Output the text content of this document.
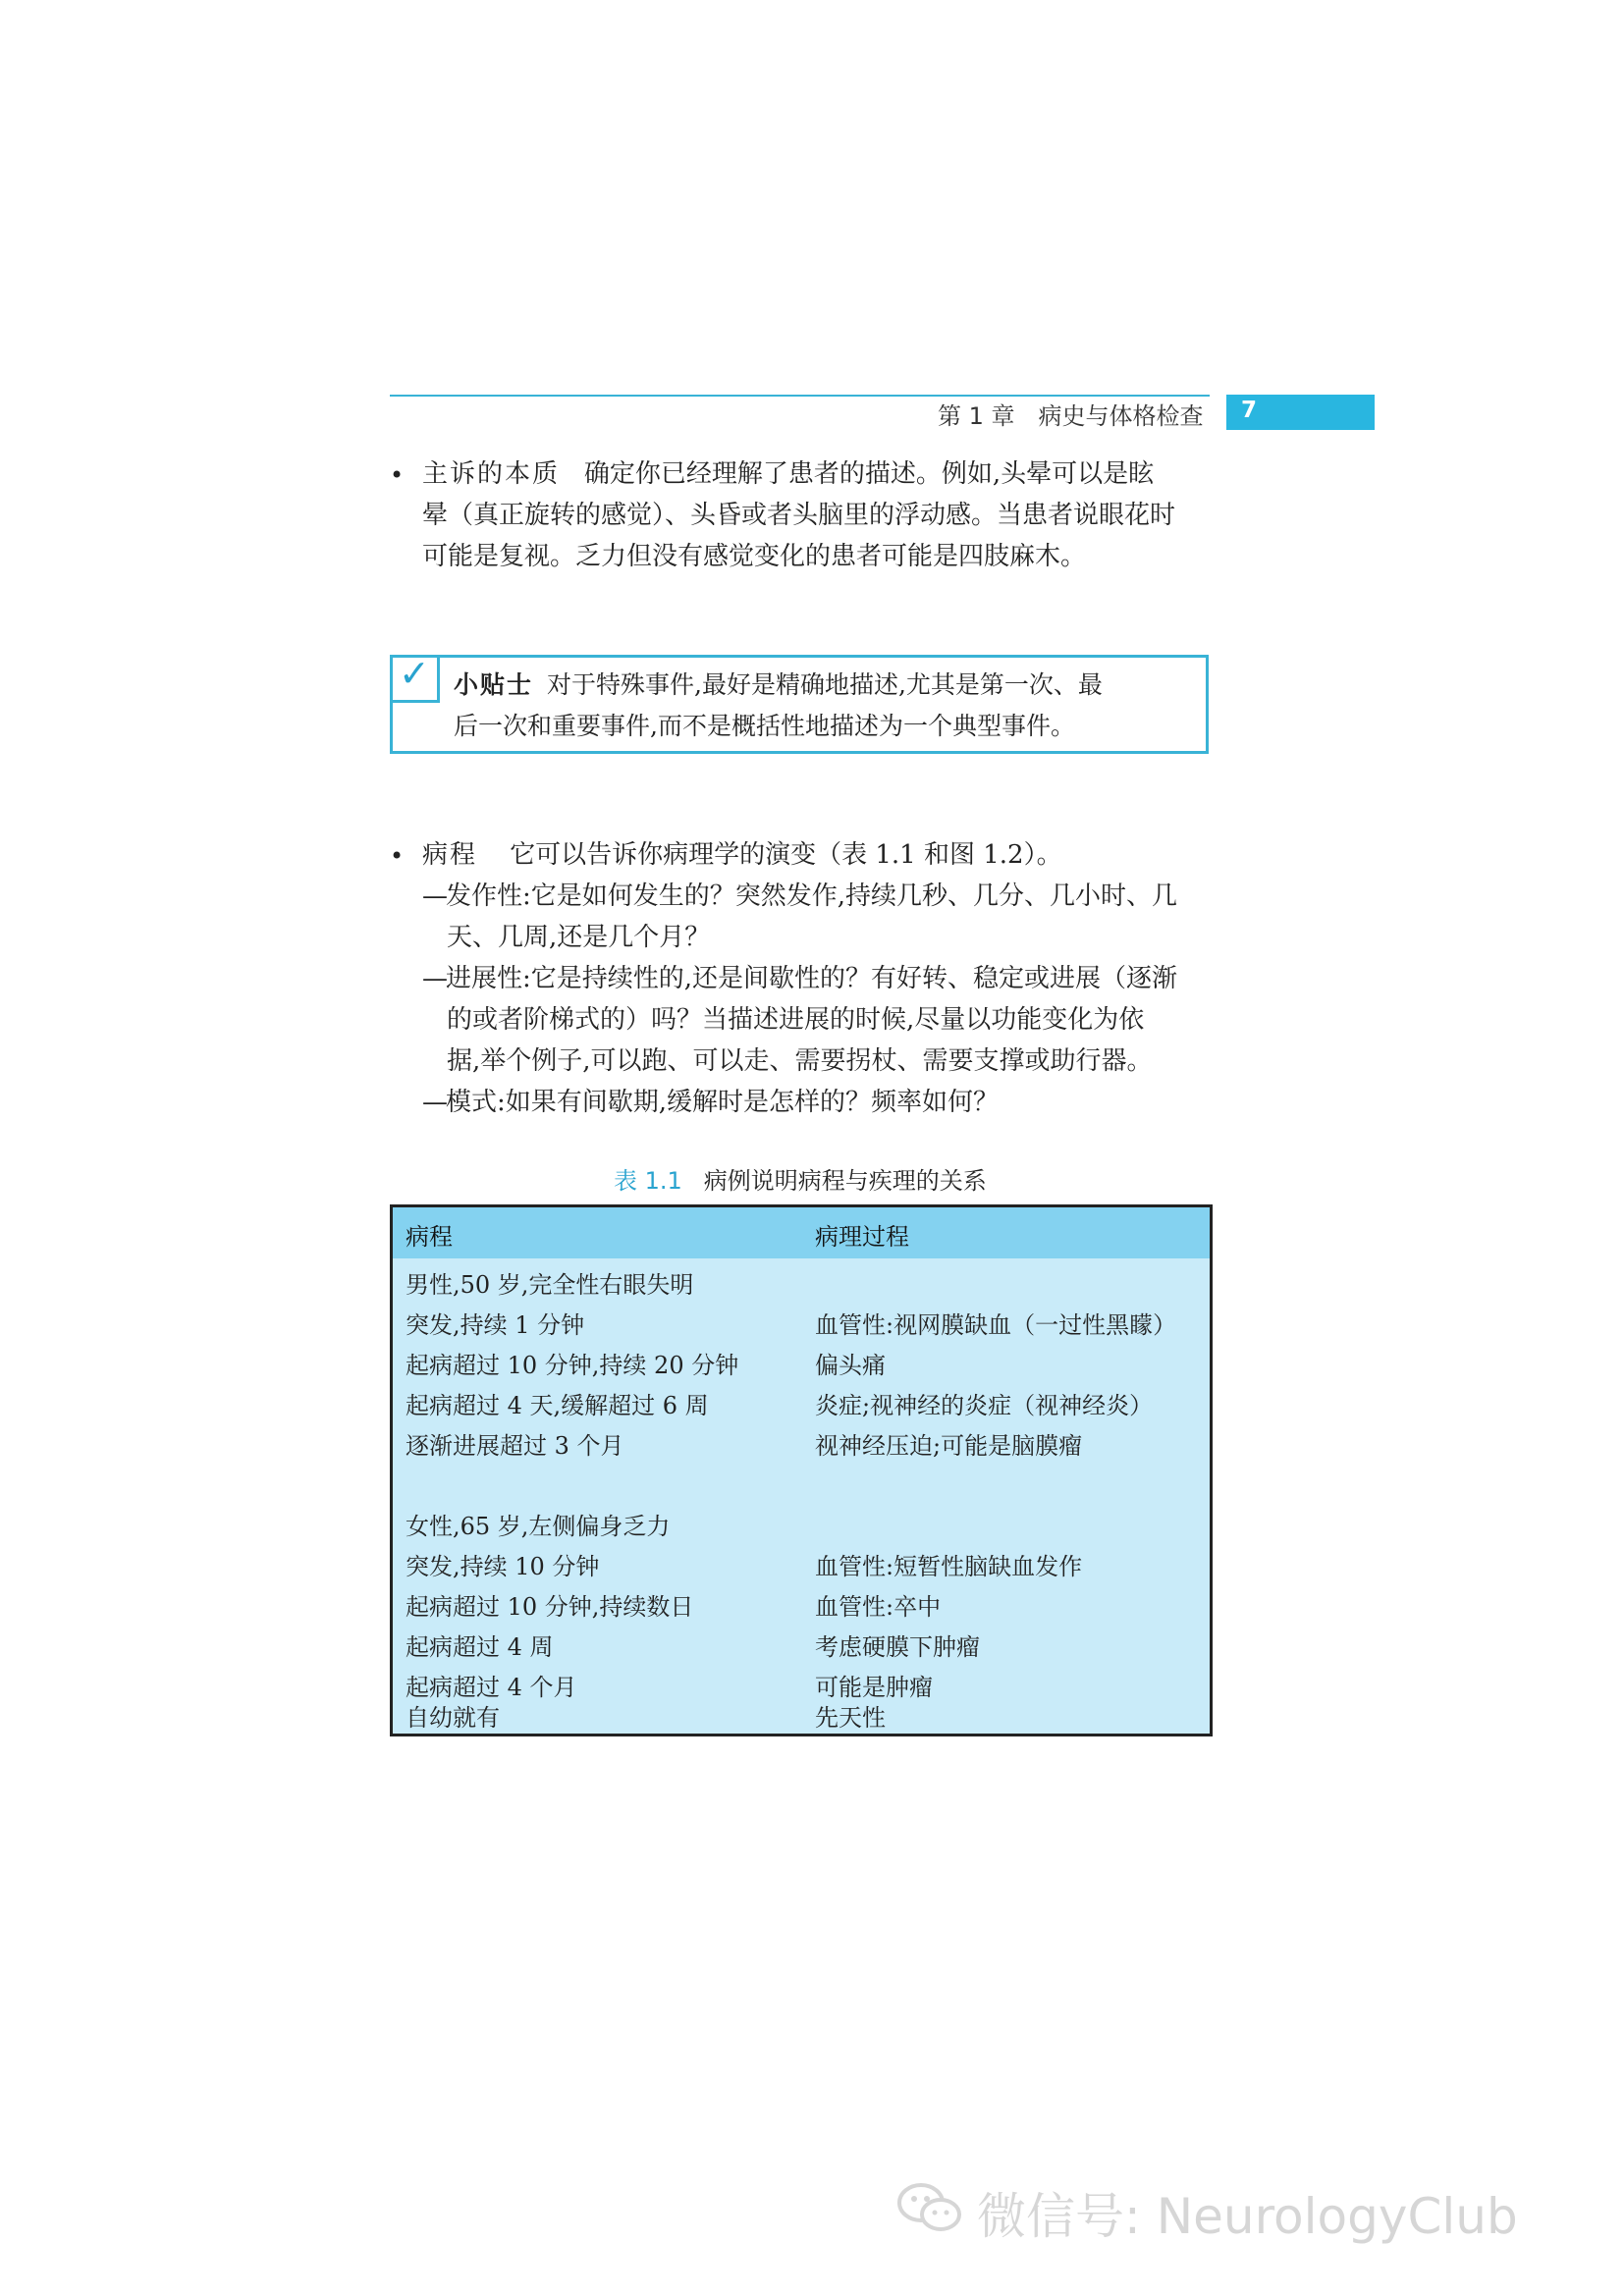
第 1 章　病史与体格检查 7
• 主诉的本质 确定你已经理解了患者的描述。例如,头晕可以是眩
晕（真正旋转的感觉）、头昏或者头脑里的浮动感。当患者说眼花时
可能是复视。乏力但没有感觉变化的患者可能是四肢麻木。
✓ 小贴士 对于特殊事件,最好是精确地描述,尤其是第一次、最
后一次和重要事件,而不是概括性地描述为一个典型事件。
• 病程 它可以告诉你病理学的演变（表 1.1 和图 1.2）。
—发作性:它是如何发生的？突然发作,持续几秒、几分、几小时、几
天、几周,还是几个月？
—进展性:它是持续性的,还是间歇性的？有好转、稳定或进展（逐渐
的或者阶梯式的）吗？当描述进展的时候,尽量以功能变化为依
据,举个例子,可以跑、可以走、需要拐杖、需要支撑或助行器。
—模式:如果有间歇期,缓解时是怎样的？频率如何？
表 1.1 病例说明病程与疾理的关系
病程	病理过程
男性,50 岁,完全性右眼失明
突发,持续 1 分钟	血管性:视网膜缺血（一过性黑矇）
起病超过 10 分钟,持续 20 分钟	偏头痛
起病超过 4 天,缓解超过 6 周	炎症;视神经的炎症（视神经炎）
逐渐进展超过 3 个月	视神经压迫;可能是脑膜瘤
女性,65 岁,左侧偏身乏力
突发,持续 10 分钟	血管性:短暂性脑缺血发作
起病超过 10 分钟,持续数日	血管性:卒中
起病超过 4 周	考虑硬膜下肿瘤
起病超过 4 个月	可能是肿瘤
自幼就有	先天性
微信号: NeurologyClub
